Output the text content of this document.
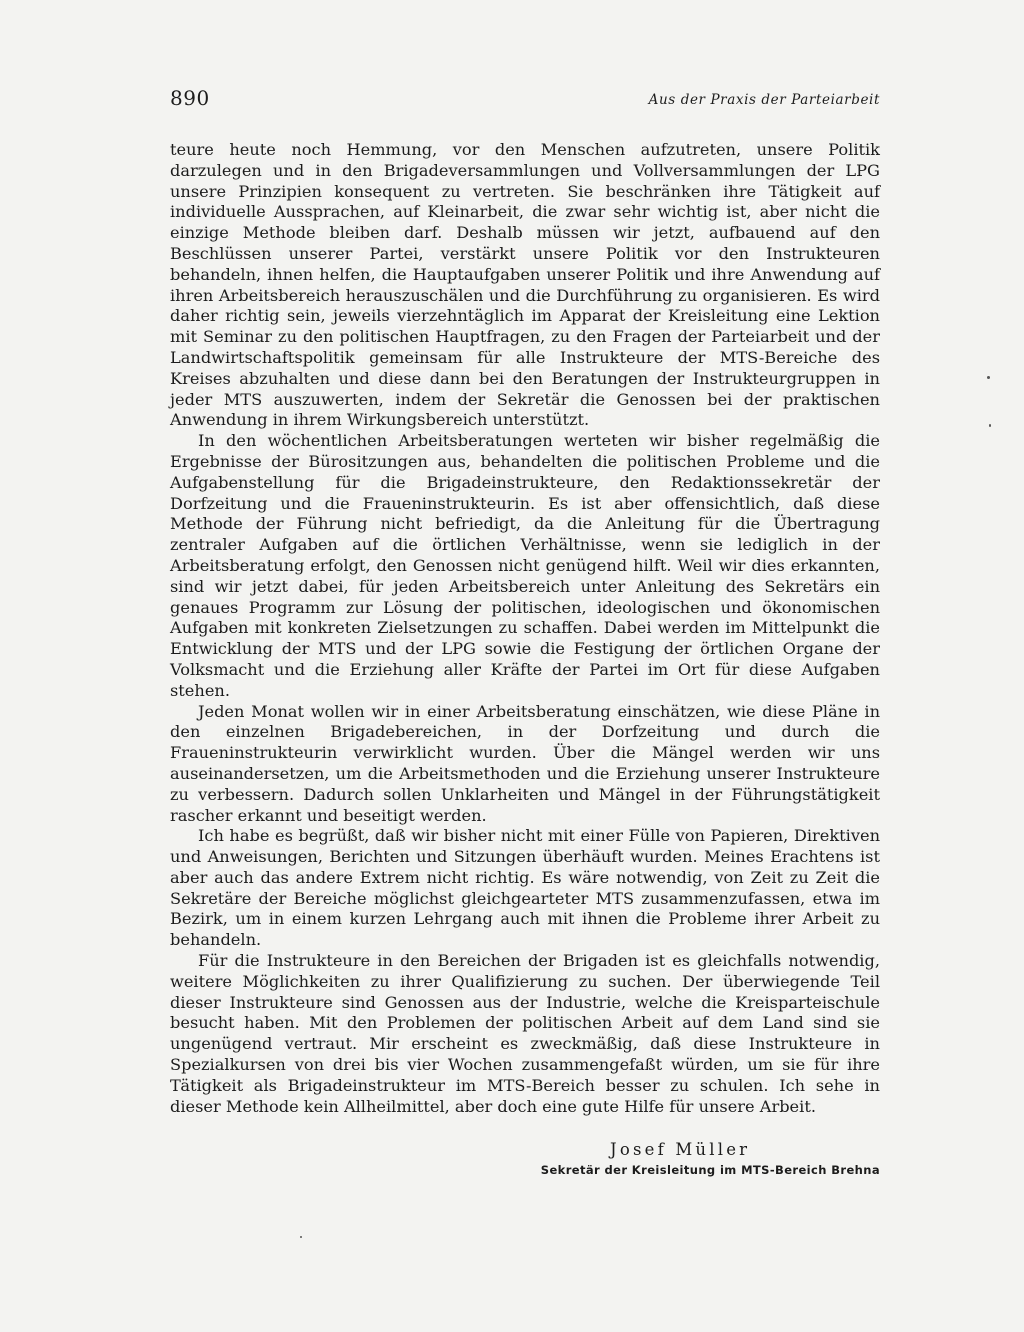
890	Aus der Praxis der Parteiarbeit

teure heute noch Hemmung, vor den Menschen aufzutreten, unsere Politik darzulegen und in den Brigadeversammlungen und Vollversammlungen der LPG unsere Prinzipien konsequent zu vertreten. Sie beschränken ihre Tätigkeit auf individuelle Aussprachen, auf Kleinarbeit, die zwar sehr wichtig ist, aber nicht die einzige Methode bleiben darf. Deshalb müssen wir jetzt, aufbauend auf den Beschlüssen unserer Partei, verstärkt unsere Politik vor den Instrukteuren behandeln, ihnen helfen, die Hauptaufgaben unserer Politik und ihre Anwendung auf ihren Arbeitsbereich herauszuschälen und die Durchführung zu organisieren. Es wird daher richtig sein, jeweils vierzehntäglich im Apparat der Kreisleitung eine Lektion mit Seminar zu den politischen Hauptfragen, zu den Fragen der Parteiarbeit und der Landwirtschaftspolitik gemeinsam für alle Instrukteure der MTS-Bereiche des Kreises abzuhalten und diese dann bei den Beratungen der Instrukteurgruppen in jeder MTS auszuwerten, indem der Sekretär die Genossen bei der praktischen Anwendung in ihrem Wirkungsbereich unterstützt.

In den wöchentlichen Arbeitsberatungen werteten wir bisher regelmäßig die Ergebnisse der Bürositzungen aus, behandelten die politischen Probleme und die Aufgabenstellung für die Brigadeinstrukteure, den Redaktionssekretär der Dorfzeitung und die Fraueninstrukteurin. Es ist aber offensichtlich, daß diese Methode der Führung nicht befriedigt, da die Anleitung für die Übertragung zentraler Aufgaben auf die örtlichen Verhältnisse, wenn sie lediglich in der Arbeitsberatung erfolgt, den Genossen nicht genügend hilft. Weil wir dies erkannten, sind wir jetzt dabei, für jeden Arbeitsbereich unter Anleitung des Sekretärs ein genaues Programm zur Lösung der politischen, ideologischen und ökonomischen Aufgaben mit konkreten Zielsetzungen zu schaffen. Dabei werden im Mittelpunkt die Entwicklung der MTS und der LPG sowie die Festigung der örtlichen Organe der Volksmacht und die Erziehung aller Kräfte der Partei im Ort für diese Aufgaben stehen.

Jeden Monat wollen wir in einer Arbeitsberatung einschätzen, wie diese Pläne in den einzelnen Brigadebereichen, in der Dorfzeitung und durch die Fraueninstrukteurin verwirklicht wurden. Über die Mängel werden wir uns auseinandersetzen, um die Arbeitsmethoden und die Erziehung unserer Instrukteure zu verbessern. Dadurch sollen Unklarheiten und Mängel in der Führungstätigkeit rascher erkannt und beseitigt werden.

Ich habe es begrüßt, daß wir bisher nicht mit einer Fülle von Papieren, Direktiven und Anweisungen, Berichten und Sitzungen überhäuft wurden. Meines Erachtens ist aber auch das andere Extrem nicht richtig. Es wäre notwendig, von Zeit zu Zeit die Sekretäre der Bereiche möglichst gleichgearteter MTS zusammenzufassen, etwa im Bezirk, um in einem kurzen Lehrgang auch mit ihnen die Probleme ihrer Arbeit zu behandeln.

Für die Instrukteure in den Bereichen der Brigaden ist es gleichfalls notwendig, weitere Möglichkeiten zu ihrer Qualifizierung zu suchen. Der überwiegende Teil dieser Instrukteure sind Genossen aus der Industrie, welche die Kreisparteischule besucht haben. Mit den Problemen der politischen Arbeit auf dem Land sind sie ungenügend vertraut. Mir erscheint es zweckmäßig, daß diese Instrukteure in Spezialkursen von drei bis vier Wochen zusammengefaßt würden, um sie für ihre Tätigkeit als Brigadeinstrukteur im MTS-Bereich besser zu schulen. Ich sehe in dieser Methode kein Allheilmittel, aber doch eine gute Hilfe für unsere Arbeit.

Josef Müller
Sekretär der Kreisleitung im MTS-Bereich Brehna
